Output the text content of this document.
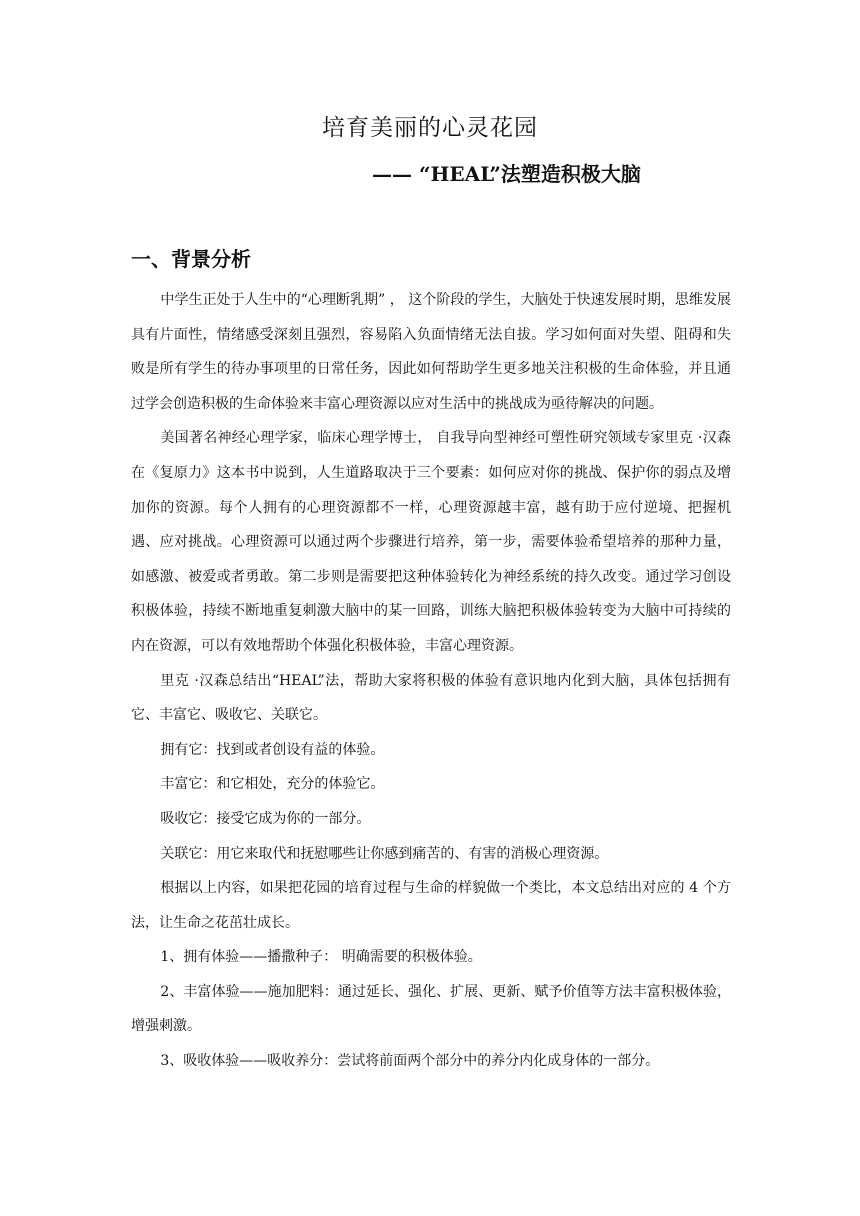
培育美丽的心灵花园
—— “HEAL”法塑造积极大脑
一、背景分析

中学生正处于人生中的“心理断乳期” ， 这个阶段的学生，大脑处于快速发展时期，思维发展具有片面性，情绪感受深刻且强烈，容易陷入负面情绪无法自拔。学习如何面对失望、阻碍和失败是所有学生的待办事项里的日常任务，因此如何帮助学生更多地关注积极的生命体验，并且通过学会创造积极的生命体验来丰富心理资源以应对生活中的挑战成为亟待解决的问题。

美国著名神经心理学家，临床心理学博士， 自我导向型神经可塑性研究领域专家里克 ·汉森在《复原力》这本书中说到，人生道路取决于三个要素：如何应对你的挑战、保护你的弱点及增加你的资源。每个人拥有的心理资源都不一样，心理资源越丰富，越有助于应付逆境、把握机遇、应对挑战。心理资源可以通过两个步骤进行培养，第一步，需要体验希望培养的那种力量，如感激、被爱或者勇敢。第二步则是需要把这种体验转化为神经系统的持久改变。通过学习创设积极体验，持续不断地重复刺激大脑中的某一回路，训练大脑把积极体验转变为大脑中可持续的内在资源，可以有效地帮助个体强化积极体验，丰富心理资源。

里克 ·汉森总结出“HEAL”法，帮助大家将积极的体验有意识地内化到大脑，具体包括拥有它、丰富它、吸收它、关联它。

拥有它：找到或者创设有益的体验。

丰富它：和它相处，充分的体验它。

吸收它：接受它成为你的一部分。

关联它：用它来取代和抚慰哪些让你感到痛苦的、有害的消极心理资源。

根据以上内容，如果把花园的培育过程与生命的样貌做一个类比，本文总结出对应的 4 个方法，让生命之花茁壮成长。

1、拥有体验——播撒种子： 明确需要的积极体验。

2、丰富体验——施加肥料：通过延长、强化、扩展、更新、赋予价值等方法丰富积极体验，增强刺激。

3、吸收体验——吸收养分：尝试将前面两个部分中的养分内化成身体的一部分。
